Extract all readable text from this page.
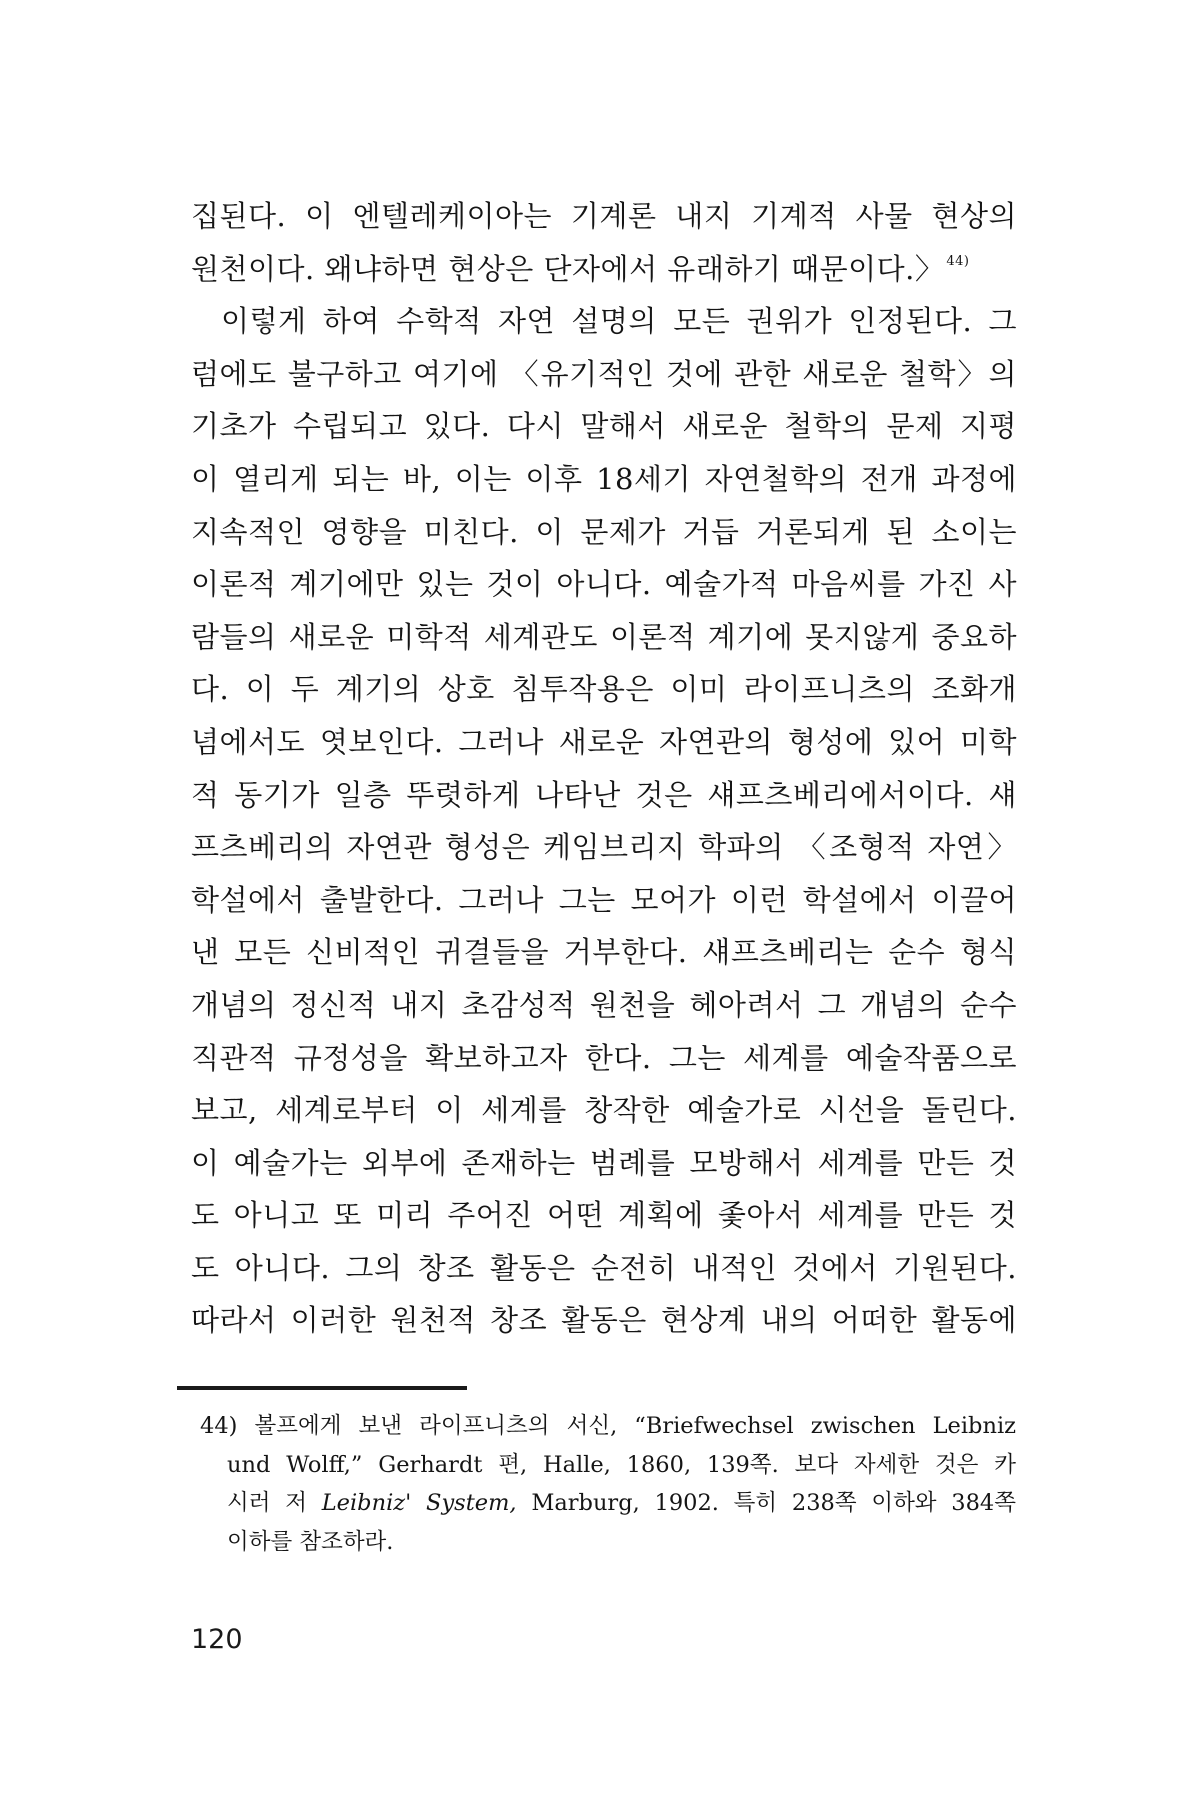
집된다. 이 엔텔레케이아는 기계론 내지 기계적 사물 현상의
원천이다. 왜냐하면 현상은 단자에서 유래하기 때문이다.〉 $^{44)}$
이렇게 하여 수학적 자연 설명의 모든 권위가 인정된다. 그
럼에도 불구하고 여기에 〈유기적인 것에 관한 새로운 철학〉의
기초가 수립되고 있다. 다시 말해서 새로운 철학의 문제 지평
이 열리게 되는 바, 이는 이후 18세기 자연철학의 전개 과정에
지속적인 영향을 미친다. 이 문제가 거듭 거론되게 된 소이는
이론적 계기에만 있는 것이 아니다. 예술가적 마음씨를 가진 사
람들의 새로운 미학적 세계관도 이론적 계기에 못지않게 중요하
다. 이 두 계기의 상호 침투작용은 이미 라이프니츠의 조화개
념에서도 엿보인다. 그러나 새로운 자연관의 형성에 있어 미학
적 동기가 일층 뚜렷하게 나타난 것은 섀프츠베리에서이다. 섀
프츠베리의 자연관 형성은 케임브리지 학파의 〈조형적 자연〉
학설에서 출발한다. 그러나 그는 모어가 이런 학설에서 이끌어
낸 모든 신비적인 귀결들을 거부한다. 섀프츠베리는 순수 형식
개념의 정신적 내지 초감성적 원천을 헤아려서 그 개념의 순수
직관적 규정성을 확보하고자 한다. 그는 세계를 예술작품으로
보고, 세계로부터 이 세계를 창작한 예술가로 시선을 돌린다.
이 예술가는 외부에 존재하는 범례를 모방해서 세계를 만든 것
도 아니고 또 미리 주어진 어떤 계획에 좇아서 세계를 만든 것
도 아니다. 그의 창조 활동은 순전히 내적인 것에서 기원된다.
따라서 이러한 원천적 창조 활동은 현상계 내의 어떠한 활동에
44) 볼프에게 보낸 라이프니츠의 서신, “Briefwechsel zwischen Leibniz
und Wolff,” Gerhardt 편, Halle, 1860, 139쪽. 보다 자세한 것은 카
시러 저 Leibniz' System, Marburg, 1902. 특히 238쪽 이하와 384쪽
이하를 참조하라.
120
